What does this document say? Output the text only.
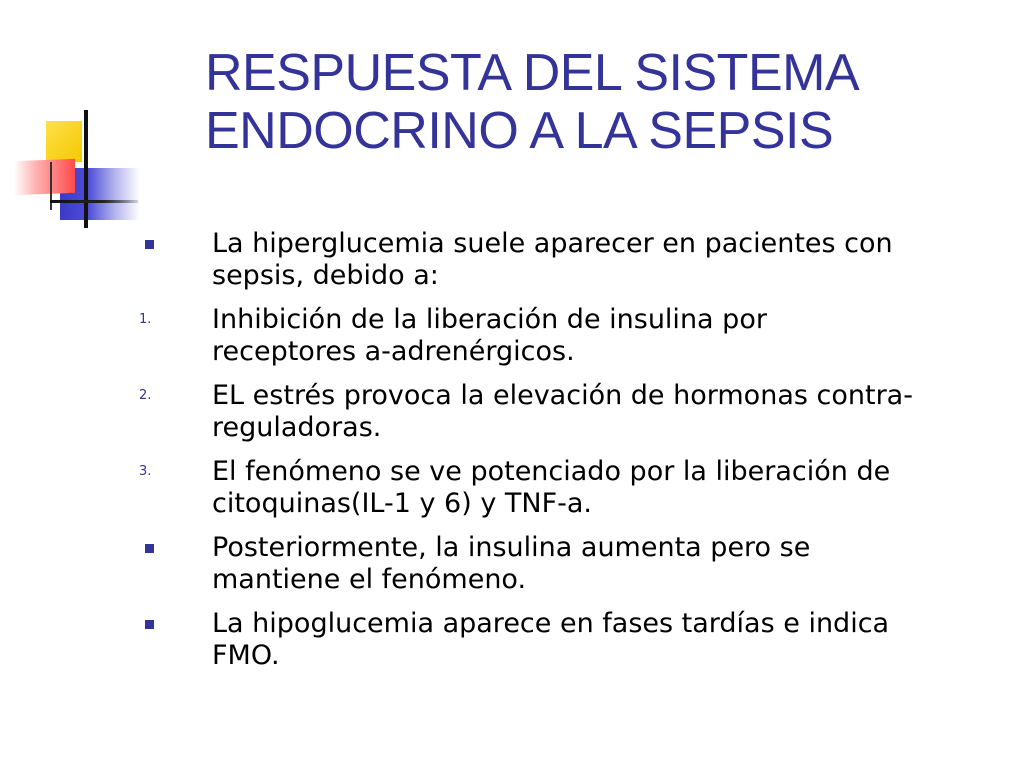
RESPUESTA DEL SISTEMA
ENDOCRINO A LA SEPSIS
La hiperglucemia suele aparecer en pacientes con
sepsis, debido a:
1. Inhibición de la liberación de insulina por
receptores a-adrenérgicos.
2. EL estrés provoca la elevación de hormonas contra-
reguladoras.
3. El fenómeno se ve potenciado por la liberación de
citoquinas(IL-1 y 6) y TNF-a.
Posteriormente, la insulina aumenta pero se
mantiene el fenómeno.
La hipoglucemia aparece en fases tardías e indica
FMO.
